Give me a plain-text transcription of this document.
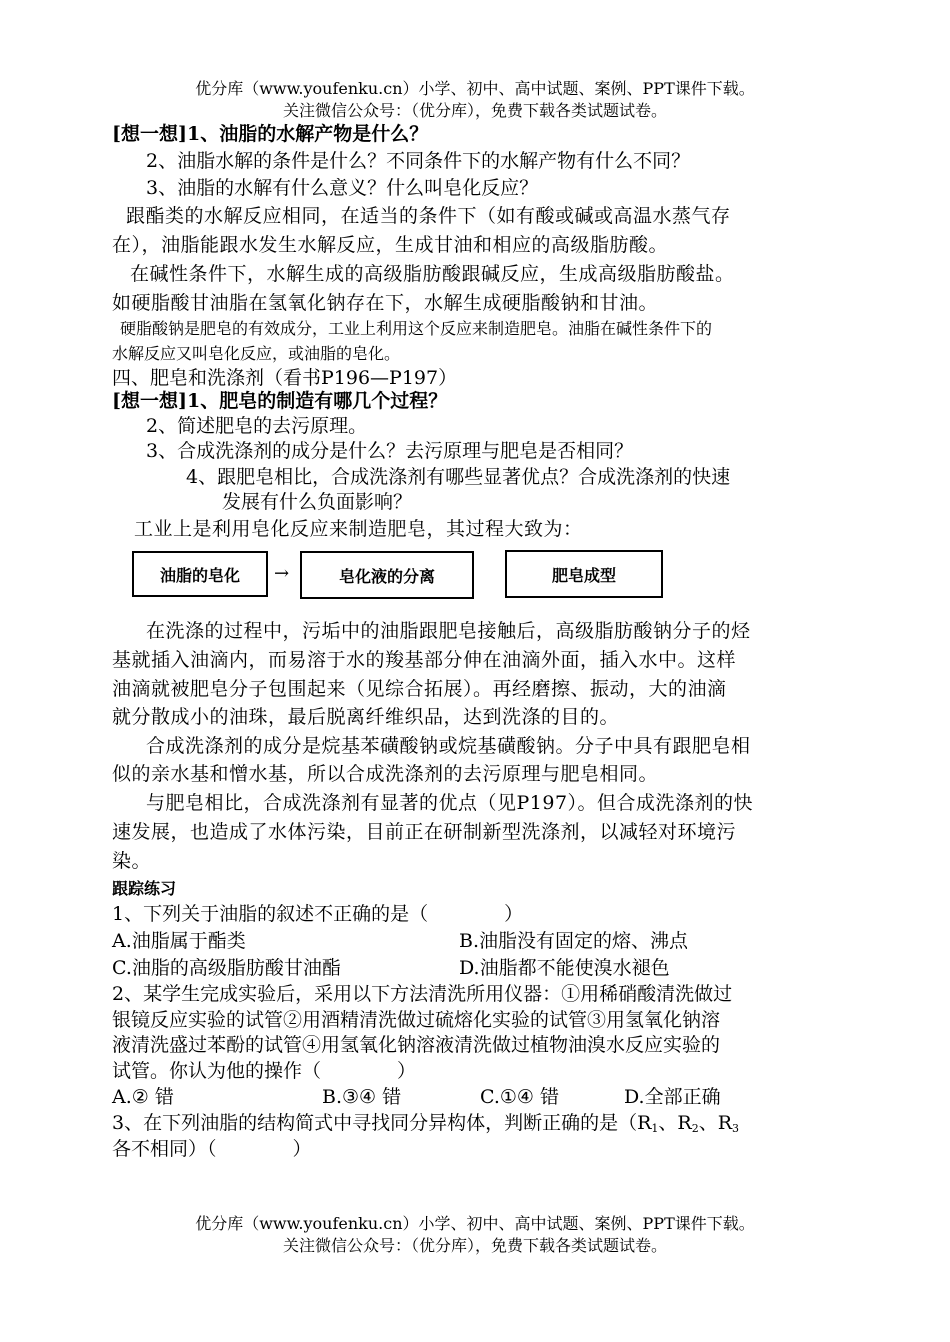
优分库（www.youfenku.cn）小学、初中、高中试题、案例、PPT课件下载。
关注微信公众号：（优分库），免费下载各类试题试卷。
[想一想]1、油脂的水解产物是什么？
2、油脂水解的条件是什么？不同条件下的水解产物有什么不同？
3、油脂的水解有什么意义？什么叫皂化反应？
跟酯类的水解反应相同，在适当的条件下（如有酸或碱或高温水蒸气存
在），油脂能跟水发生水解反应，生成甘油和相应的高级脂肪酸。
在碱性条件下，水解生成的高级脂肪酸跟碱反应，生成高级脂肪酸盐。
如硬脂酸甘油脂在氢氧化钠存在下，水解生成硬脂酸钠和甘油。
硬脂酸钠是肥皂的有效成分，工业上利用这个反应来制造肥皂。油脂在碱性条件下的
水解反应又叫皂化反应，或油脂的皂化。
四、肥皂和洗涤剂（看书P196—P197）
[想一想]1、肥皂的制造有哪几个过程？
2、简述肥皂的去污原理。
3、合成洗涤剂的成分是什么？去污原理与肥皂是否相同？
4、跟肥皂相比，合成洗涤剂有哪些显著优点？合成洗涤剂的快速
发展有什么负面影响？
工业上是利用皂化反应来制造肥皂，其过程大致为：
油脂的皂化 →	皂化液的分离	肥皂成型
在洗涤的过程中，污垢中的油脂跟肥皂接触后，高级脂肪酸钠分子的烃
基就插入油滴内，而易溶于水的羧基部分伸在油滴外面，插入水中。这样
油滴就被肥皂分子包围起来（见综合拓展）。再经磨擦、振动，大的油滴
就分散成小的油珠，最后脱离纤维织品，达到洗涤的目的。
合成洗涤剂的成分是烷基苯磺酸钠或烷基磺酸钠。分子中具有跟肥皂相
似的亲水基和憎水基，所以合成洗涤剂的去污原理与肥皂相同。
与肥皂相比，合成洗涤剂有显著的优点（见P197）。但合成洗涤剂的快
速发展，也造成了水体污染，目前正在研制新型洗涤剂，以减轻对环境污
染。
跟踪练习
1、下列关于油脂的叙述不正确的是（　　　　）
A.油脂属于酯类	B.油脂没有固定的熔、沸点
C.油脂的高级脂肪酸甘油酯	D.油脂都不能使溴水褪色
2、某学生完成实验后，采用以下方法清洗所用仪器：①用稀硝酸清洗做过
银镜反应实验的试管②用酒精清洗做过硫熔化实验的试管③用氢氧化钠溶
液清洗盛过苯酚的试管④用氢氧化钠溶液清洗做过植物油溴水反应实验的
试管。你认为他的操作（　　　　）
A.② 错	B.③④ 错	C.①④ 错	D.全部正确
3、在下列油脂的结构简式中寻找同分异构体，判断正确的是（$R_1$、$R_2$、$R_3$
各不相同）（　　　　）
优分库（www.youfenku.cn）小学、初中、高中试题、案例、PPT课件下载。
关注微信公众号：（优分库），免费下载各类试题试卷。
